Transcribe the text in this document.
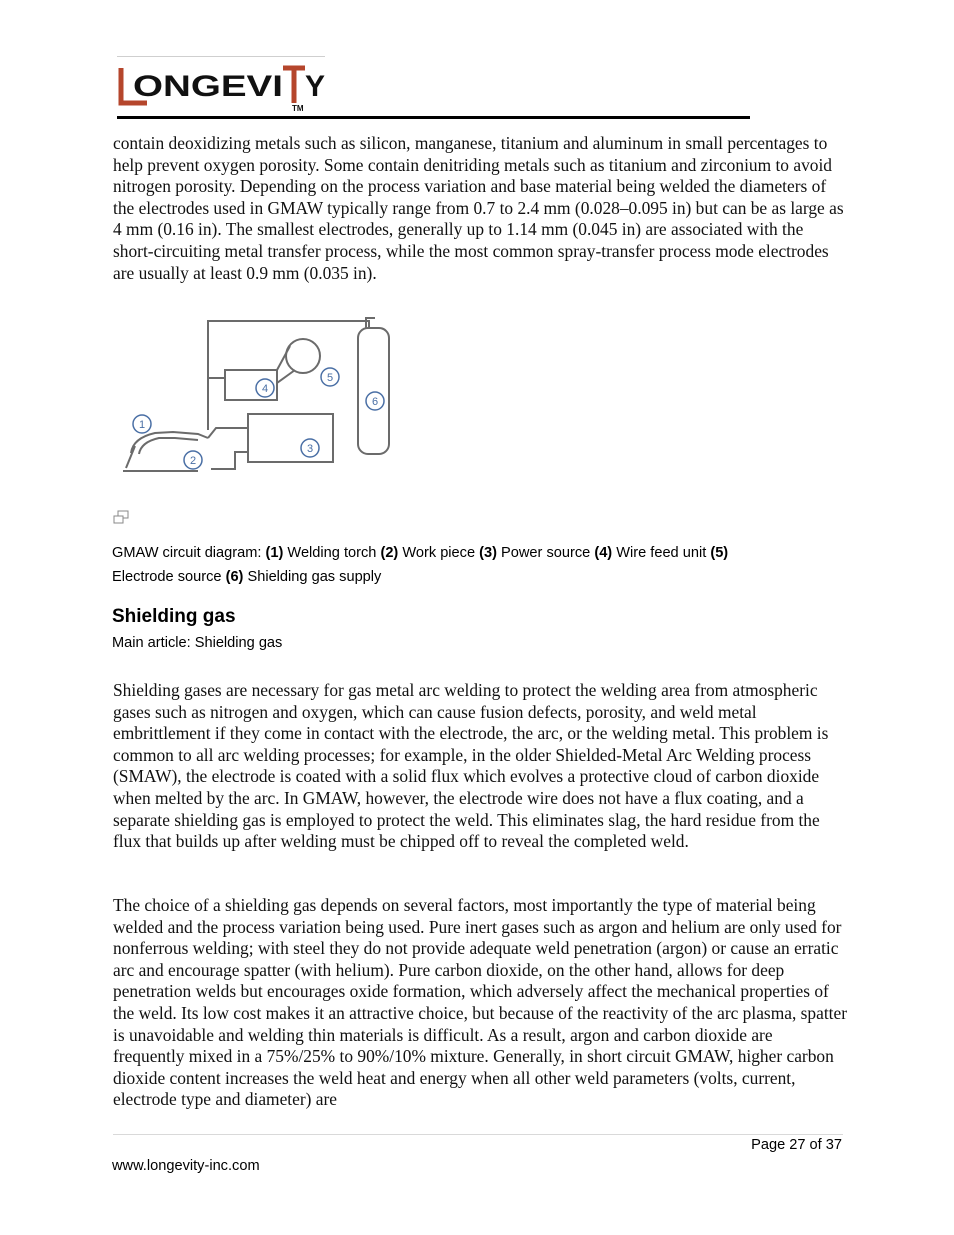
ONGEVI Y
TM

contain deoxidizing metals such as silicon, manganese, titanium and aluminum in small percentages to help prevent oxygen porosity. Some contain denitriding metals such as titanium and zirconium to avoid nitrogen porosity. Depending on the process variation and base material being welded the diameters of the electrodes used in GMAW typically range from 0.7 to 2.4 mm (0.028–0.095 in) but can be as large as 4 mm (0.16 in). The smallest electrodes, generally up to 1.14 mm (0.045 in) are associated with the short-circuiting metal transfer process, while the most common spray-transfer process mode electrodes are usually at least 0.9 mm (0.035 in).

1
2
3
4
5
6

GMAW circuit diagram: (1) Welding torch (2) Work piece (3) Power source (4) Wire feed unit (5)
Electrode source (6) Shielding gas supply

Shielding gas

Main article: Shielding gas

Shielding gases are necessary for gas metal arc welding to protect the welding area from atmospheric gases such as nitrogen and oxygen, which can cause fusion defects, porosity, and weld metal embrittlement if they come in contact with the electrode, the arc, or the welding metal. This problem is common to all arc welding processes; for example, in the older Shielded-Metal Arc Welding process (SMAW), the electrode is coated with a solid flux which evolves a protective cloud of carbon dioxide when melted by the arc. In GMAW, however, the electrode wire does not have a flux coating, and a separate shielding gas is employed to protect the weld. This eliminates slag, the hard residue from the flux that builds up after welding must be chipped off to reveal the completed weld.

The choice of a shielding gas depends on several factors, most importantly the type of material being welded and the process variation being used. Pure inert gases such as argon and helium are only used for nonferrous welding; with steel they do not provide adequate weld penetration (argon) or cause an erratic arc and encourage spatter (with helium). Pure carbon dioxide, on the other hand, allows for deep penetration welds but encourages oxide formation, which adversely affect the mechanical properties of the weld. Its low cost makes it an attractive choice, but because of the reactivity of the arc plasma, spatter is unavoidable and welding thin materials is difficult. As a result, argon and carbon dioxide are frequently mixed in a 75%/25% to 90%/10% mixture. Generally, in short circuit GMAW, higher carbon dioxide content increases the weld heat and energy when all other weld parameters (volts, current, electrode type and diameter) are

Page 27 of 37
www.longevity-inc.com
